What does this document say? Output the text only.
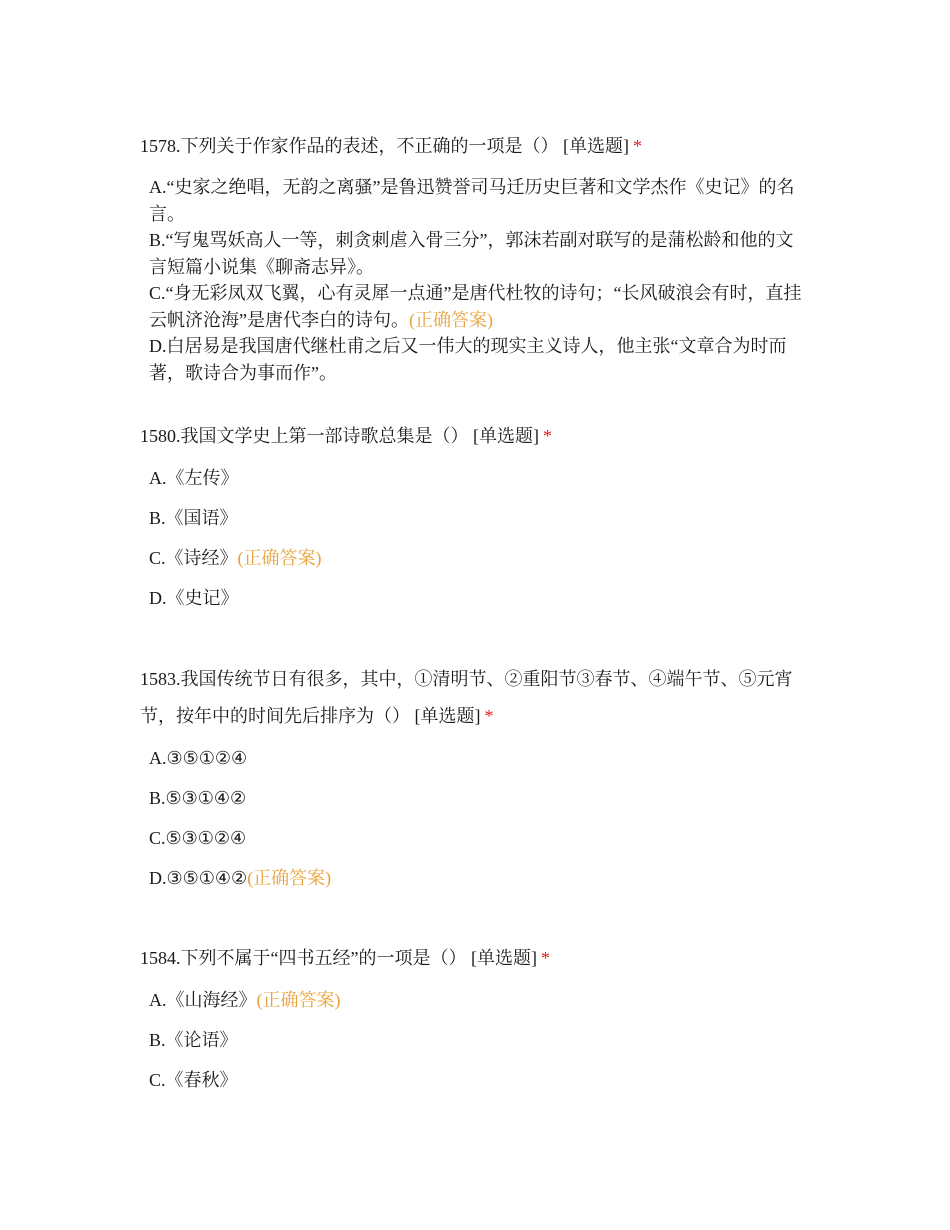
1578.下列关于作家作品的表述，不正确的一项是（） [单选题] *

A.“史家之绝唱，无韵之离骚”是鲁迅赞誉司马迁历史巨著和文学杰作《史记》的名言。
B.“写鬼骂妖高人一等，刺贪刺虐入骨三分”，郭沫若副对联写的是蒲松龄和他的文言短篇小说集《聊斋志异》。
C.“身无彩凤双飞翼，心有灵犀一点通”是唐代杜牧的诗句；“长风破浪会有时，直挂云帆济沧海”是唐代李白的诗句。(正确答案)
D.白居易是我国唐代继杜甫之后又一伟大的现实主义诗人，他主张“文章合为时而著，歌诗合为事而作”。

1580.我国文学史上第一部诗歌总集是（） [单选题] *

A.《左传》
B.《国语》
C.《诗经》(正确答案)
D.《史记》

1583.我国传统节日有很多，其中，①清明节、②重阳节③春节、④端午节、⑤元宵节，按年中的时间先后排序为（） [单选题] *

A.③⑤①②④
B.⑤③①④②
C.⑤③①②④
D.③⑤①④②(正确答案)

1584.下列不属于“四书五经”的一项是（） [单选题] *

A.《山海经》(正确答案)
B.《论语》
C.《春秋》
